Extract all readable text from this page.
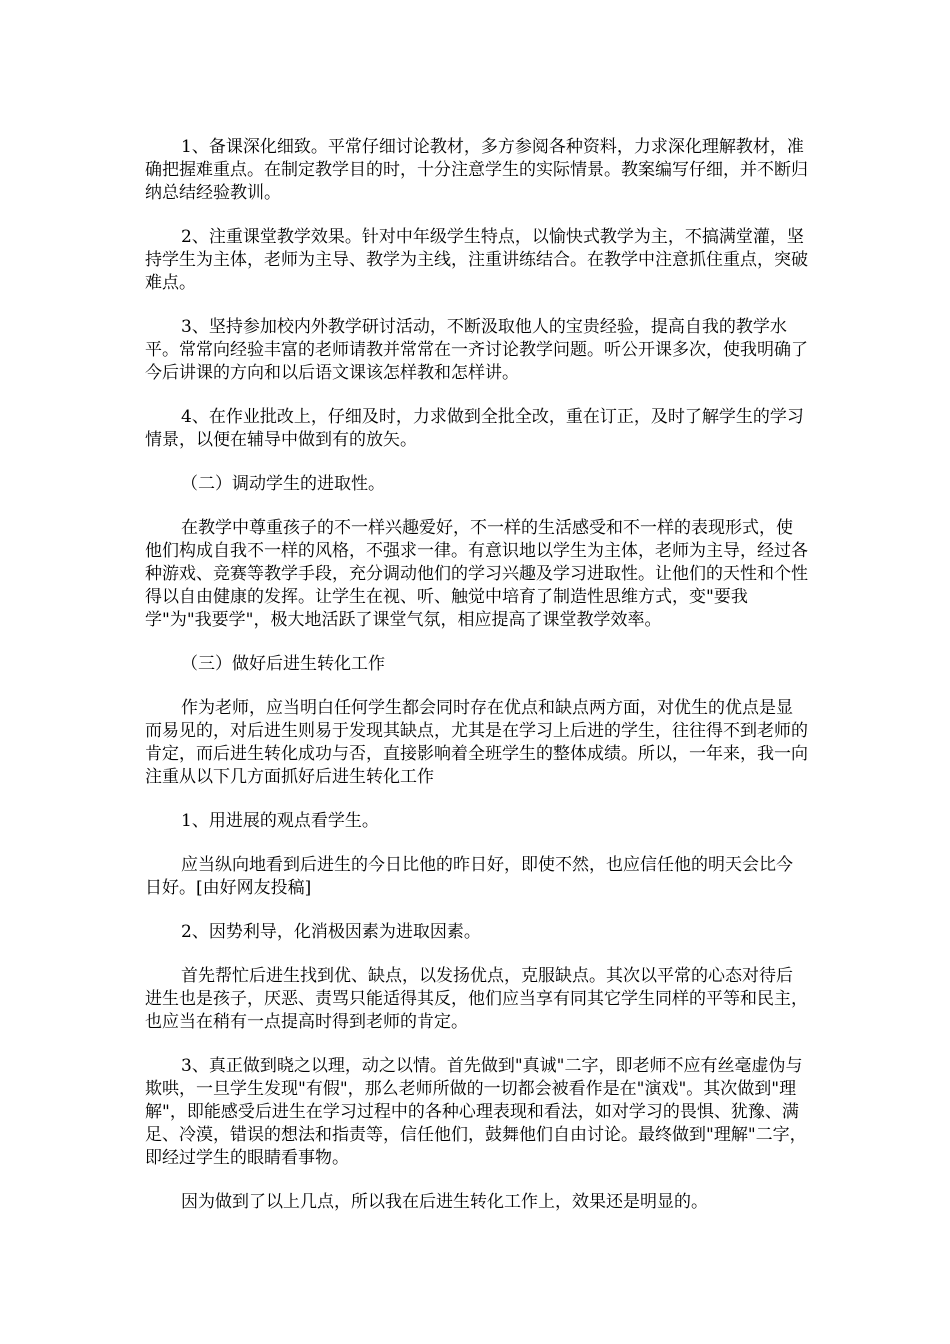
1、备课深化细致。平常仔细讨论教材，多方参阅各种资料，力求深化理解教材，准确把握难重点。在制定教学目的时，十分注意学生的实际情景。教案编写仔细，并不断归纳总结经验教训。

2、注重课堂教学效果。针对中年级学生特点，以愉快式教学为主，不搞满堂灌，坚持学生为主体，老师为主导、教学为主线，注重讲练结合。在教学中注意抓住重点，突破难点。

3、坚持参加校内外教学研讨活动，不断汲取他人的宝贵经验，提高自我的教学水平。常常向经验丰富的老师请教并常常在一齐讨论教学问题。听公开课多次，使我明确了今后讲课的方向和以后语文课该怎样教和怎样讲。

4、在作业批改上，仔细及时，力求做到全批全改，重在订正，及时了解学生的学习情景，以便在辅导中做到有的放矢。

（二）调动学生的进取性。

在教学中尊重孩子的不一样兴趣爱好，不一样的生活感受和不一样的表现形式，使他们构成自我不一样的风格，不强求一律。有意识地以学生为主体，老师为主导，经过各种游戏、竞赛等教学手段，充分调动他们的学习兴趣及学习进取性。让他们的天性和个性得以自由健康的发挥。让学生在视、听、触觉中培育了制造性思维方式，变"要我学"为"我要学"，极大地活跃了课堂气氛，相应提高了课堂教学效率。

（三）做好后进生转化工作

作为老师，应当明白任何学生都会同时存在优点和缺点两方面，对优生的优点是显而易见的，对后进生则易于发现其缺点，尤其是在学习上后进的学生，往往得不到老师的肯定，而后进生转化成功与否，直接影响着全班学生的整体成绩。所以，一年来，我一向注重从以下几方面抓好后进生转化工作

1、用进展的观点看学生。

应当纵向地看到后进生的今日比他的昨日好，即使不然，也应信任他的明天会比今日好。[由好网友投稿]

2、因势利导，化消极因素为进取因素。

首先帮忙后进生找到优、缺点，以发扬优点，克服缺点。其次以平常的心态对待后进生也是孩子，厌恶、责骂只能适得其反，他们应当享有同其它学生同样的平等和民主，也应当在稍有一点提高时得到老师的肯定。

3、真正做到晓之以理，动之以情。首先做到"真诚"二字，即老师不应有丝毫虚伪与欺哄，一旦学生发现"有假"，那么老师所做的一切都会被看作是在"演戏"。其次做到"理解"，即能感受后进生在学习过程中的各种心理表现和看法，如对学习的畏惧、犹豫、满足、冷漠，错误的想法和指责等，信任他们，鼓舞他们自由讨论。最终做到"理解"二字，即经过学生的眼睛看事物。

因为做到了以上几点，所以我在后进生转化工作上，效果还是明显的。
